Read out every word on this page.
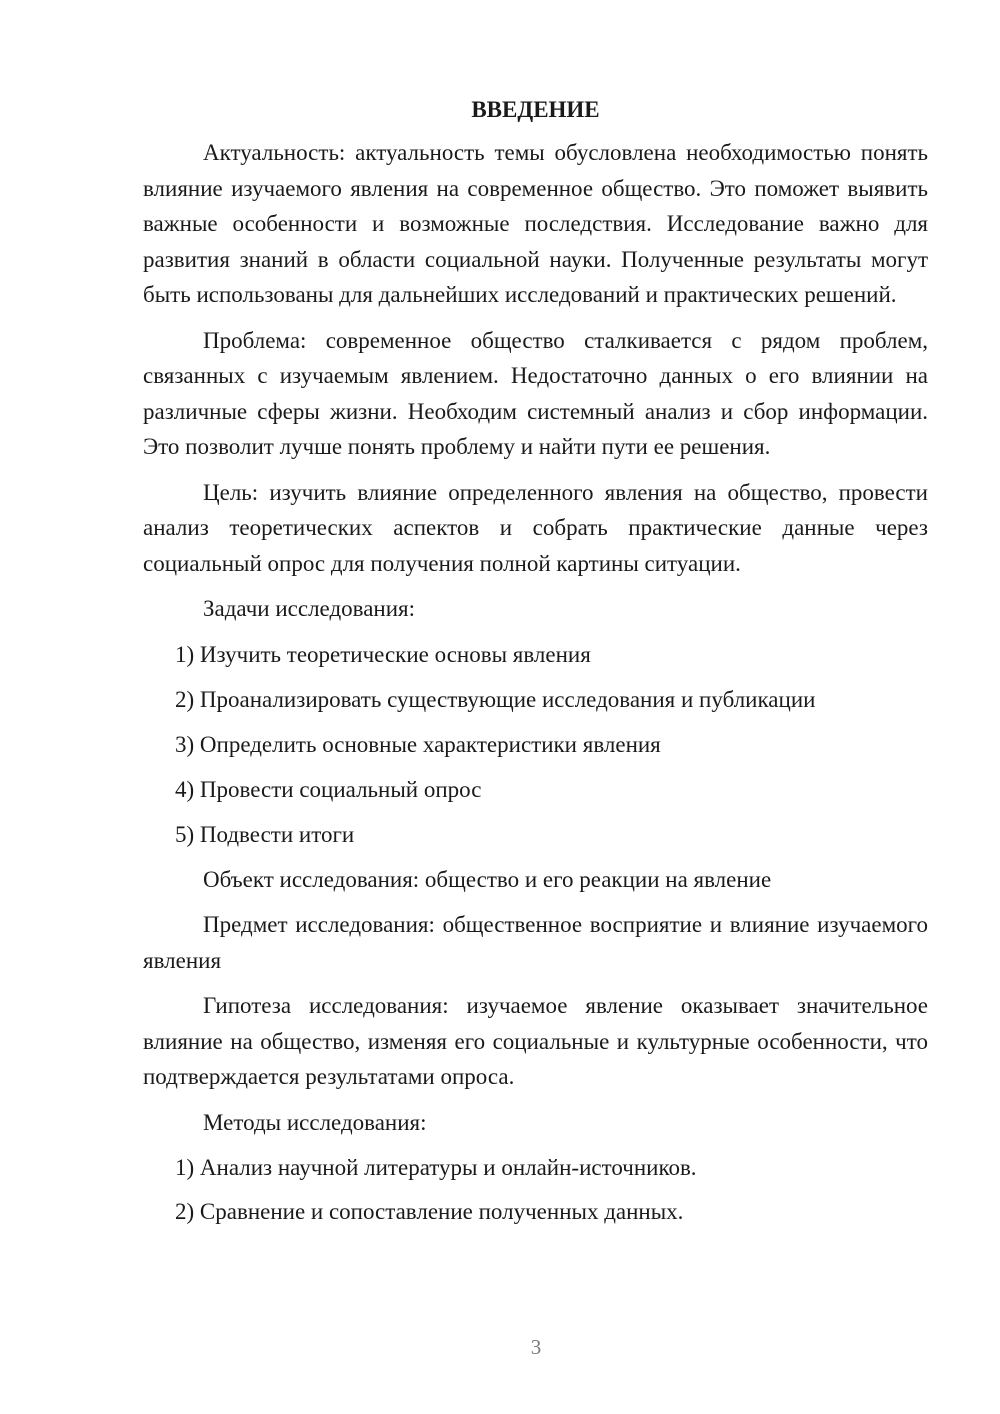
ВВЕДЕНИЕ

Актуальность: актуальность темы обусловлена необходимостью понять влияние изучаемого явления на современное общество. Это поможет выявить важные особенности и возможные последствия. Исследование важно для развития знаний в области социальной науки. Полученные результаты могут быть использованы для дальнейших исследований и практических решений.

Проблема: современное общество сталкивается с рядом проблем, связанных с изучаемым явлением. Недостаточно данных о его влиянии на различные сферы жизни. Необходим системный анализ и сбор информации. Это позволит лучше понять проблему и найти пути ее решения.

Цель: изучить влияние определенного явления на общество, провести анализ теоретических аспектов и собрать практические данные через социальный опрос для получения полной картины ситуации.

Задачи исследования:

1) Изучить теоретические основы явления
2) Проанализировать существующие исследования и публикации
3) Определить основные характеристики явления
4) Провести социальный опрос
5) Подвести итоги

Объект исследования: общество и его реакции на явление

Предмет исследования: общественное восприятие и влияние изучаемого явления

Гипотеза исследования: изучаемое явление оказывает значительное влияние на общество, изменяя его социальные и культурные особенности, что подтверждается результатами опроса.

Методы исследования:

1) Анализ научной литературы и онлайн-источников.
2) Сравнение и сопоставление полученных данных.
3
